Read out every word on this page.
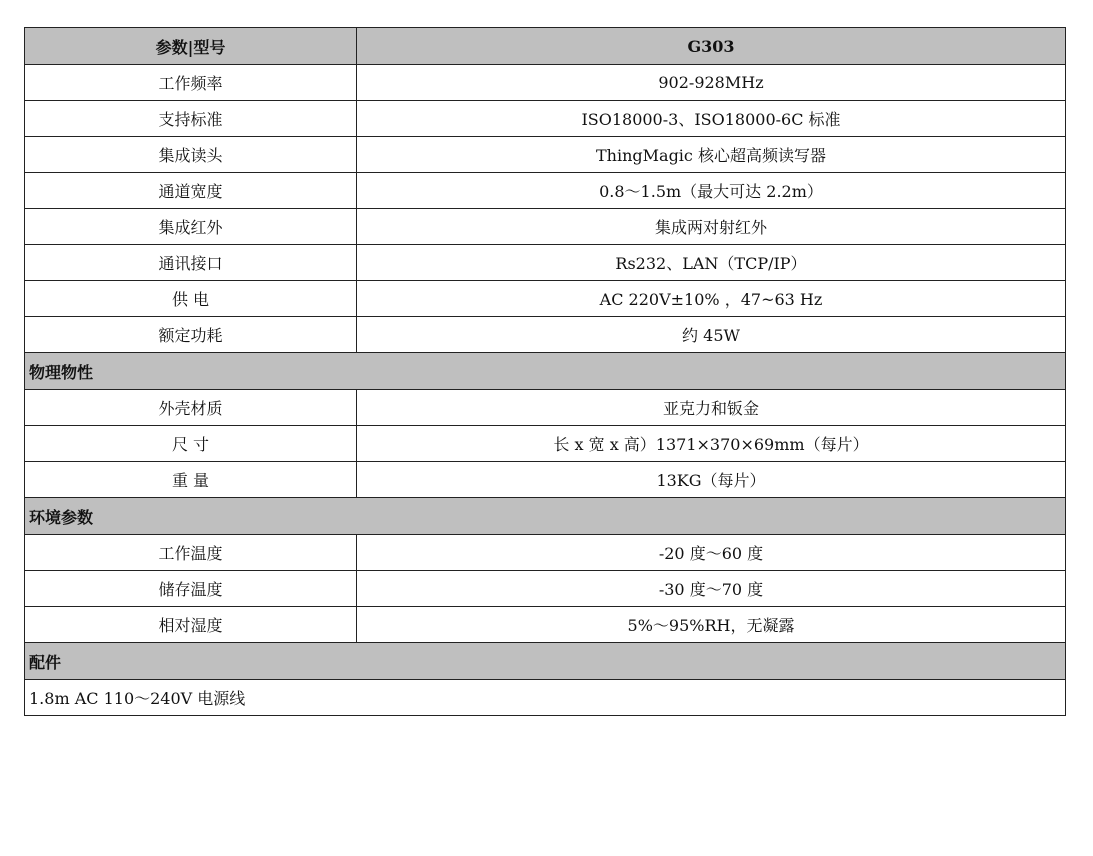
参数|型号	G303
工作频率	902-928MHz
支持标准	ISO18000-3、ISO18000-6C 标准
集成读头	ThingMagic 核心超高频读写器
通道宽度	0.8～1.5m（最大可达 2.2m）
集成红外	集成两对射红外
通讯接口	Rs232、LAN（TCP/IP）
供 电	AC 220V±10% ，47~63 Hz
额定功耗	约 45W
物理物性	
外壳材质	亚克力和钣金
尺 寸	长 x 宽 x 高）1371×370×69mm（每片）
重 量	13KG（每片）
环境参数	
工作温度	-20 度～60 度
储存温度	-30 度～70 度
相对湿度	5%～95%RH，无凝露
配件	
1.8m AC 110～240V 电源线	
